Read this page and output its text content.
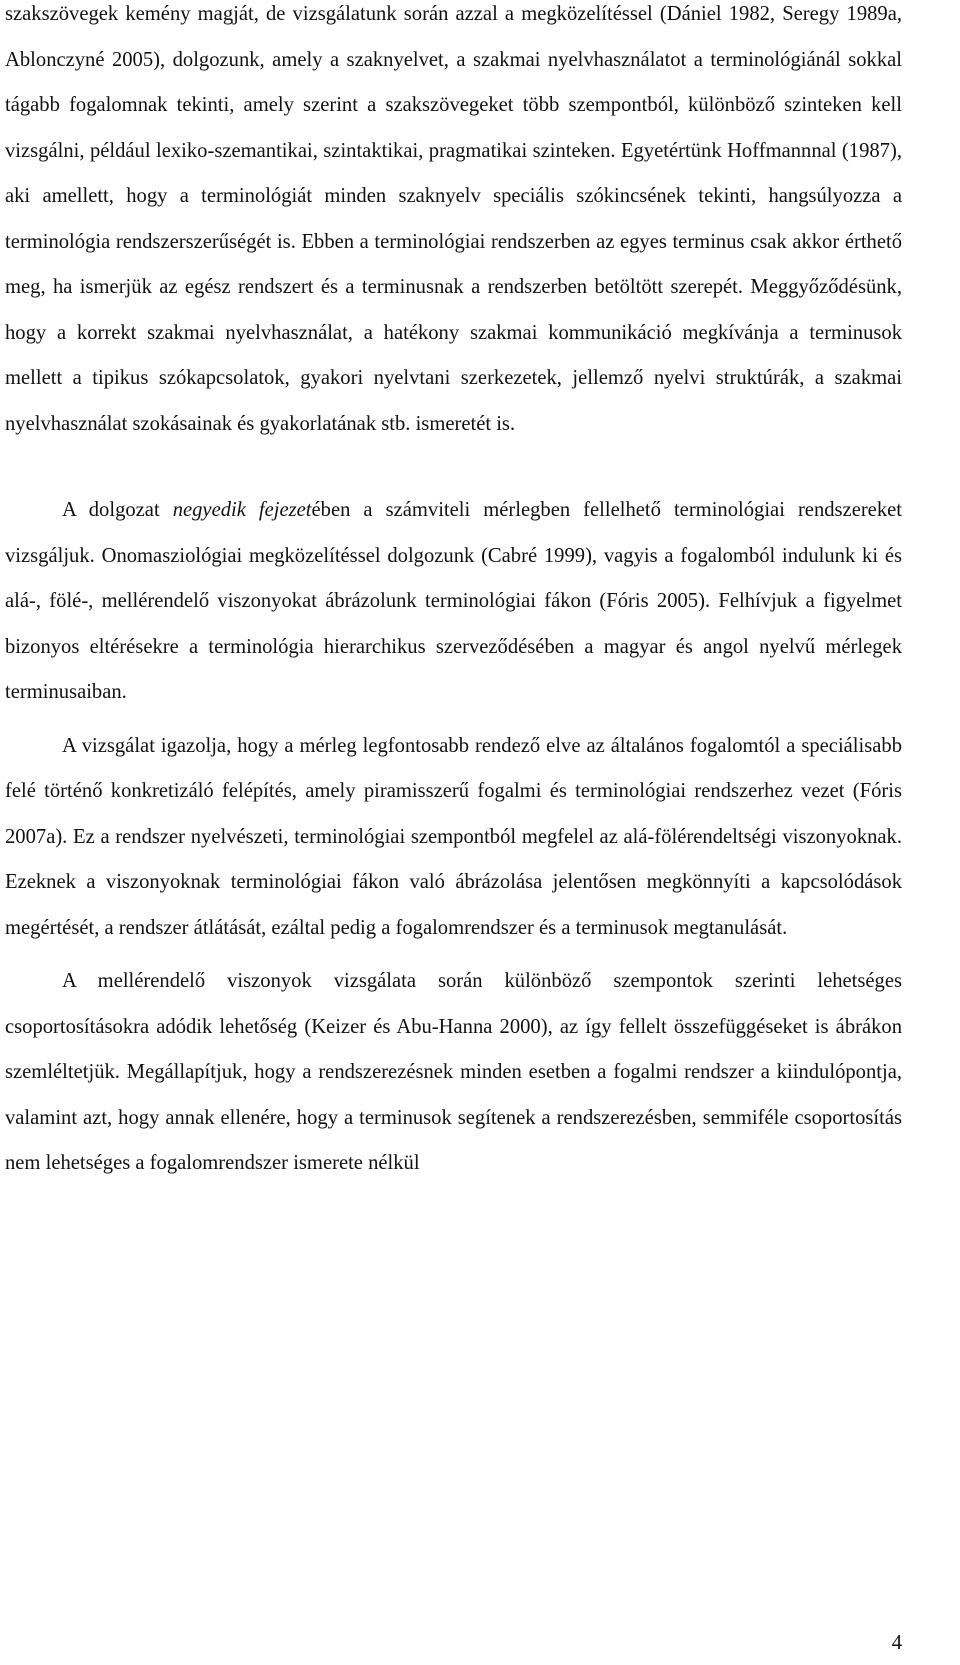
szakszövegek kemény magját, de vizsgálatunk során azzal a megközelítéssel (Dániel 1982, Seregy 1989a, Ablonczyné 2005), dolgozunk, amely a szaknyelvet, a szakmai nyelvhasználatot a terminológiánál sokkal tágabb fogalomnak tekinti, amely szerint a szakszövegeket több szempontból, különböző szinteken kell vizsgálni, például lexiko-szemantikai, szintaktikai, pragmatikai szinteken. Egyetértünk Hoffmannnal (1987), aki amellett, hogy a terminológiát minden szaknyelv speciális szókincsének tekinti, hangsúlyozza a terminológia rendszerszerűségét is. Ebben a terminológiai rendszerben az egyes terminus csak akkor érthető meg, ha ismerjük az egész rendszert és a terminusnak a rendszerben betöltött szerepét. Meggyőződésünk, hogy a korrekt szakmai nyelvhasználat, a hatékony szakmai kommunikáció megkívánja a terminusok mellett a tipikus szókapcsolatok, gyakori nyelvtani szerkezetek, jellemző nyelvi struktúrák, a szakmai nyelvhasználat szokásainak és gyakorlatának stb. ismeretét is.

A dolgozat negyedik fejezetében a számviteli mérlegben fellelhető terminológiai rendszereket vizsgáljuk. Onomasziológiai megközelítéssel dolgozunk (Cabré 1999), vagyis a fogalomból indulunk ki és alá-, fölé-, mellérendelő viszonyokat ábrázolunk terminológiai fákon (Fóris 2005). Felhívjuk a figyelmet bizonyos eltérésekre a terminológia hierarchikus szerveződésében a magyar és angol nyelvű mérlegek terminusaiban.

A vizsgálat igazolja, hogy a mérleg legfontosabb rendező elve az általános fogalomtól a speciálisabb felé történő konkretizáló felépítés, amely piramisszerű fogalmi és terminológiai rendszerhez vezet (Fóris 2007a). Ez a rendszer nyelvészeti, terminológiai szempontból megfelel az alá-fölérendeltségi viszonyoknak. Ezeknek a viszonyoknak terminológiai fákon való ábrázolása jelentősen megkönnyíti a kapcsolódások megértését, a rendszer átlátását, ezáltal pedig a fogalomrendszer és a terminusok megtanulását.

A mellérendelő viszonyok vizsgálata során különböző szempontok szerinti lehetséges csoportosításokra adódik lehetőség (Keizer és Abu-Hanna 2000), az így fellelt összefüggéseket is ábrákon szemléltetjük. Megállapítjuk, hogy a rendszerezésnek minden esetben a fogalmi rendszer a kiindulópontja, valamint azt, hogy annak ellenére, hogy a terminusok segítenek a rendszerezésben, semmiféle csoportosítás nem lehetséges a fogalomrendszer ismerete nélkül

4
